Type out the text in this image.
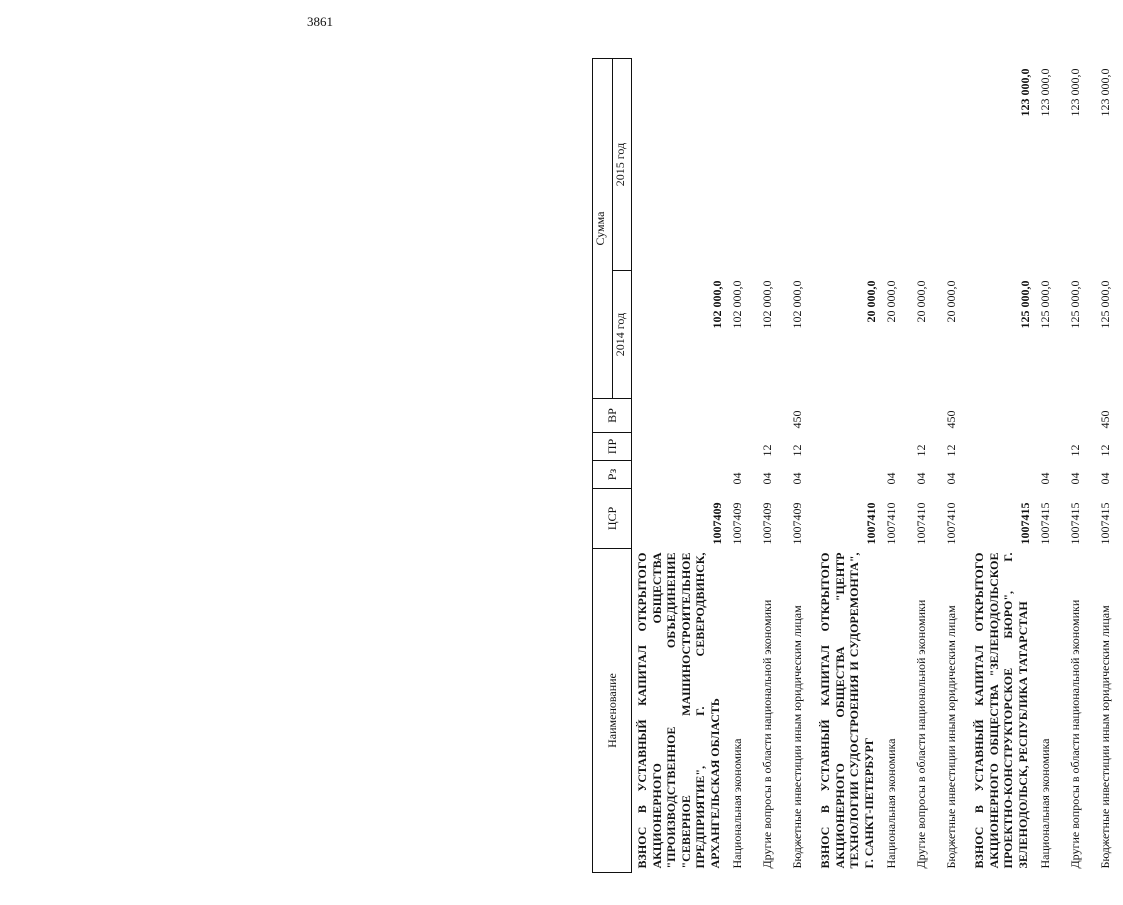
3861
Наименование	ЦСР	Рз	ПР	ВР	Сумма	
					2014 год	2015 год
ВЗНОС В УСТАВНЫЙ КАПИТАЛ ОТКРЫТОГО АКЦИОНЕРНОГО ОБЩЕСТВА "ПРОИЗВОДСТВЕННОЕ ОБЪЕДИНЕНИЕ "СЕВЕРНОЕ МАШИНОСТРОИТЕЛЬНОЕ ПРЕДПРИЯТИЕ", Г. СЕВЕРОДВИНСК, АРХАНГЕЛЬСКАЯ ОБЛАСТЬ	1007409				102 000,0	
Национальная экономика	1007409	04			102 000,0	
Другие вопросы в области национальной экономики	1007409	04	12		102 000,0	
Бюджетные инвестиции иным юридическим лицам	1007409	04	12	450	102 000,0	
ВЗНОС В УСТАВНЫЙ КАПИТАЛ ОТКРЫТОГО АКЦИОНЕРНОГО ОБЩЕСТВА "ЦЕНТР ТЕХНОЛОГИИ СУДОСТРОЕНИЯ И СУДОРЕМОНТА", Г. САНКТ-ПЕТЕРБУРГ	1007410				20 000,0	
Национальная экономика	1007410	04			20 000,0	
Другие вопросы в области национальной экономики	1007410	04	12		20 000,0	
Бюджетные инвестиции иным юридическим лицам	1007410	04	12	450	20 000,0	
ВЗНОС В УСТАВНЫЙ КАПИТАЛ ОТКРЫТОГО АКЦИОНЕРНОГО ОБЩЕСТВА "ЗЕЛЕНОДОЛЬСКОЕ ПРОЕКТНО-КОНСТРУКТОРСКОЕ БЮРО", Г. ЗЕЛЕНОДОЛЬСК, РЕСПУБЛИКА ТАТАРСТАН	1007415				125 000,0	123 000,0
Национальная экономика	1007415	04			125 000,0	123 000,0
Другие вопросы в области национальной экономики	1007415	04	12		125 000,0	123 000,0
Бюджетные инвестиции иным юридическим лицам	1007415	04	12	450	125 000,0	123 000,0
